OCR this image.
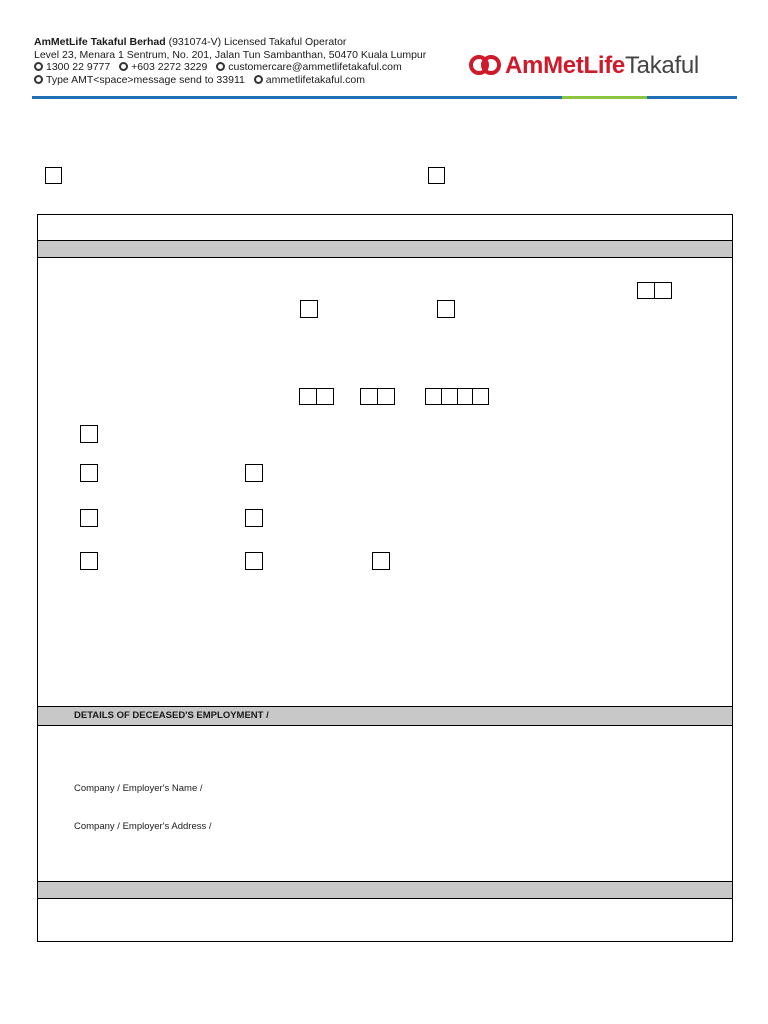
AmMetLife Takaful Berhad (931074-V) Licensed Takaful Operator
Level 23, Menara 1 Sentrum, No. 201, Jalan Tun Sambanthan, 50470 Kuala Lumpur
1300 22 9777 +603 2272 3229 customercare@ammetlifetakaful.com
Type AMT<space>message send to 33911 ammetlifetakaful.com
AmMetLifeTakaful
DETAILS OF DECEASED'S EMPLOYMENT /
Company / Employer's Name /
Company / Employer's Address /
